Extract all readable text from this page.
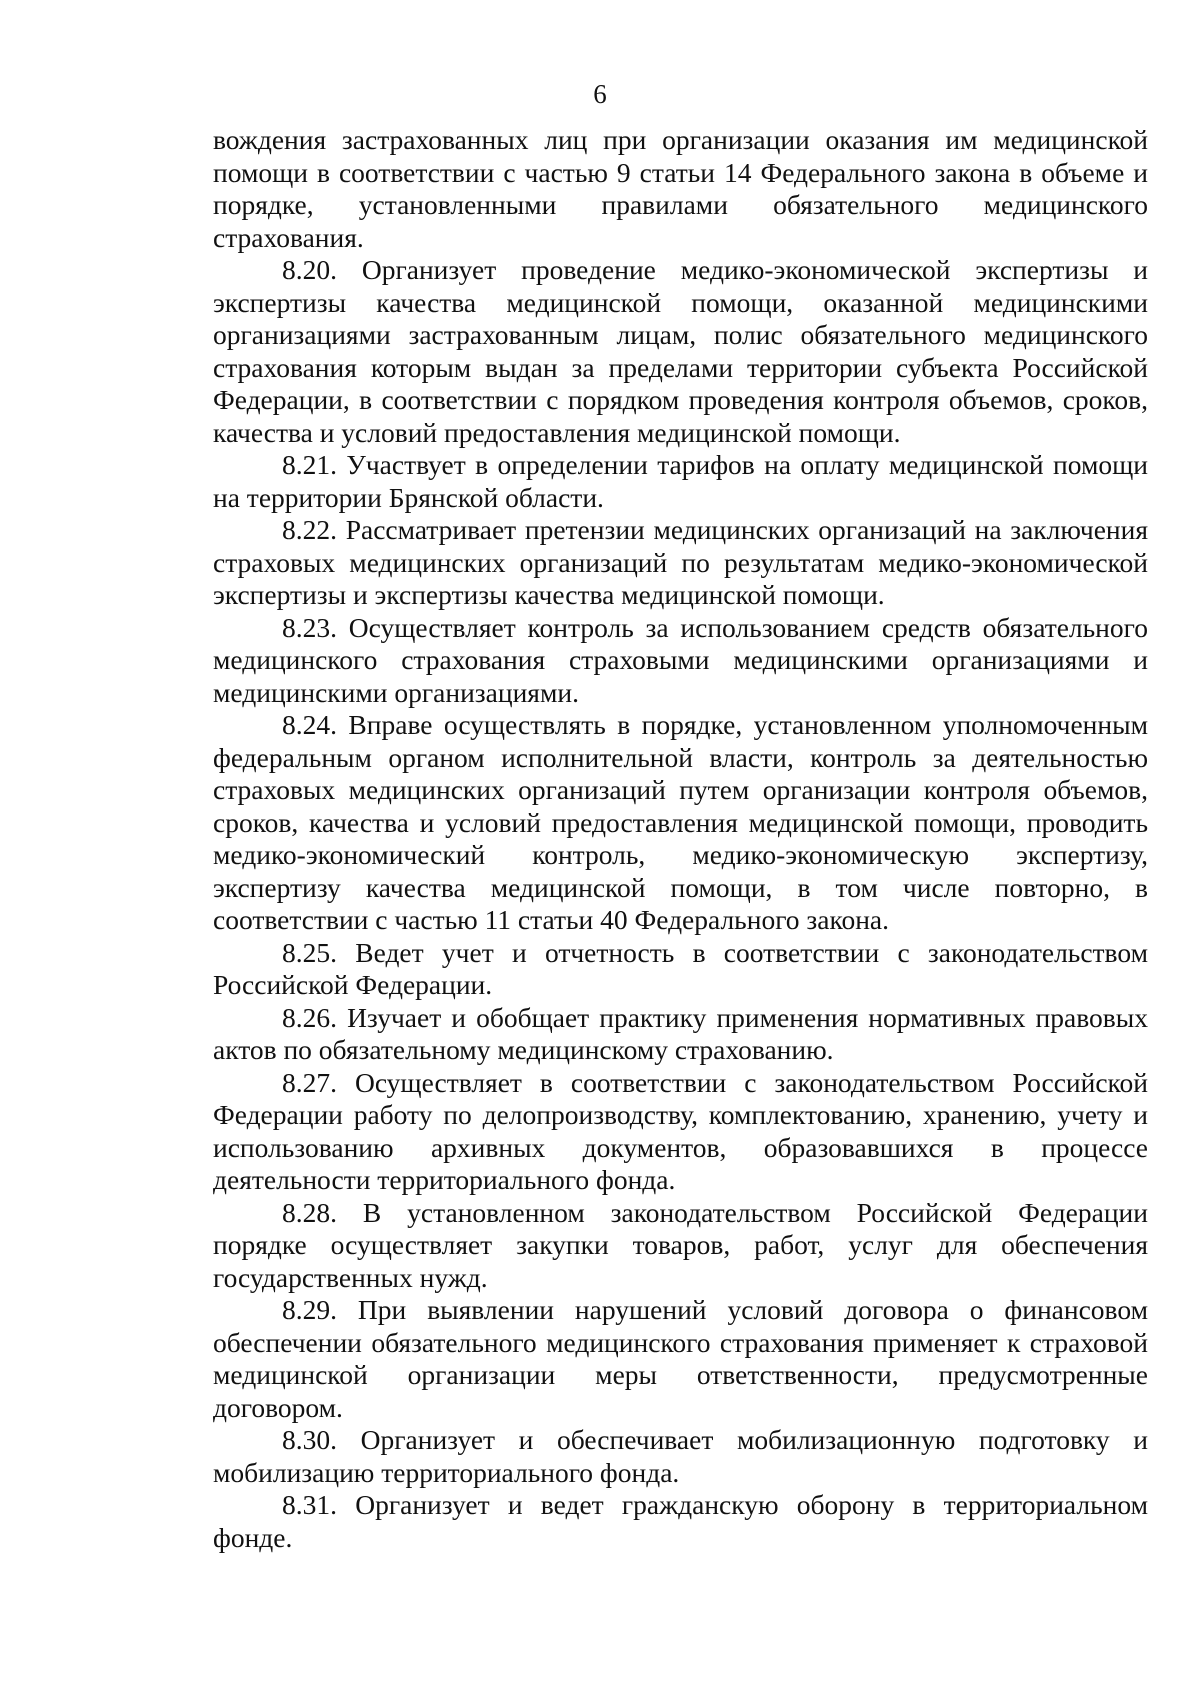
6

вождения застрахованных лиц при организации оказания им медицинской помощи в соответствии с частью 9 статьи 14 Федерального закона в объеме и порядке, установленными правилами обязательного медицинского страхования.

8.20. Организует проведение медико-экономической экспертизы и экспертизы качества медицинской помощи, оказанной медицинскими организациями застрахованным лицам, полис обязательного медицинского страхования которым выдан за пределами территории субъекта Российской Федерации, в соответствии с порядком проведения контроля объемов, сроков, качества и условий предоставления медицинской помощи.

8.21. Участвует в определении тарифов на оплату медицинской помощи на территории Брянской области.

8.22. Рассматривает претензии медицинских организаций на заключения страховых медицинских организаций по результатам медико-экономической экспертизы и экспертизы качества медицинской помощи.

8.23. Осуществляет контроль за использованием средств обязательного медицинского страхования страховыми медицинскими организациями и медицинскими организациями.

8.24. Вправе осуществлять в порядке, установленном уполномоченным федеральным органом исполнительной власти, контроль за деятельностью страховых медицинских организаций путем организации контроля объемов, сроков, качества и условий предоставления медицинской помощи, проводить медико-экономический контроль, медико-экономическую экспертизу, экспертизу качества медицинской помощи, в том числе повторно, в соответствии с частью 11 статьи 40 Федерального закона.

8.25. Ведет учет и отчетность в соответствии с законодательством Российской Федерации.

8.26. Изучает и обобщает практику применения нормативных правовых актов по обязательному медицинскому страхованию.

8.27. Осуществляет в соответствии с законодательством Российской Федерации работу по делопроизводству, комплектованию, хранению, учету и использованию архивных документов, образовавшихся в процессе деятельности территориального фонда.

8.28. В установленном законодательством Российской Федерации порядке осуществляет закупки товаров, работ, услуг для обеспечения государственных нужд.

8.29. При выявлении нарушений условий договора о финансовом обеспечении обязательного медицинского страхования применяет к страховой медицинской организации меры ответственности, предусмотренные договором.

8.30. Организует и обеспечивает мобилизационную подготовку и мобилизацию территориального фонда.

8.31. Организует и ведет гражданскую оборону в территориальном фонде.
